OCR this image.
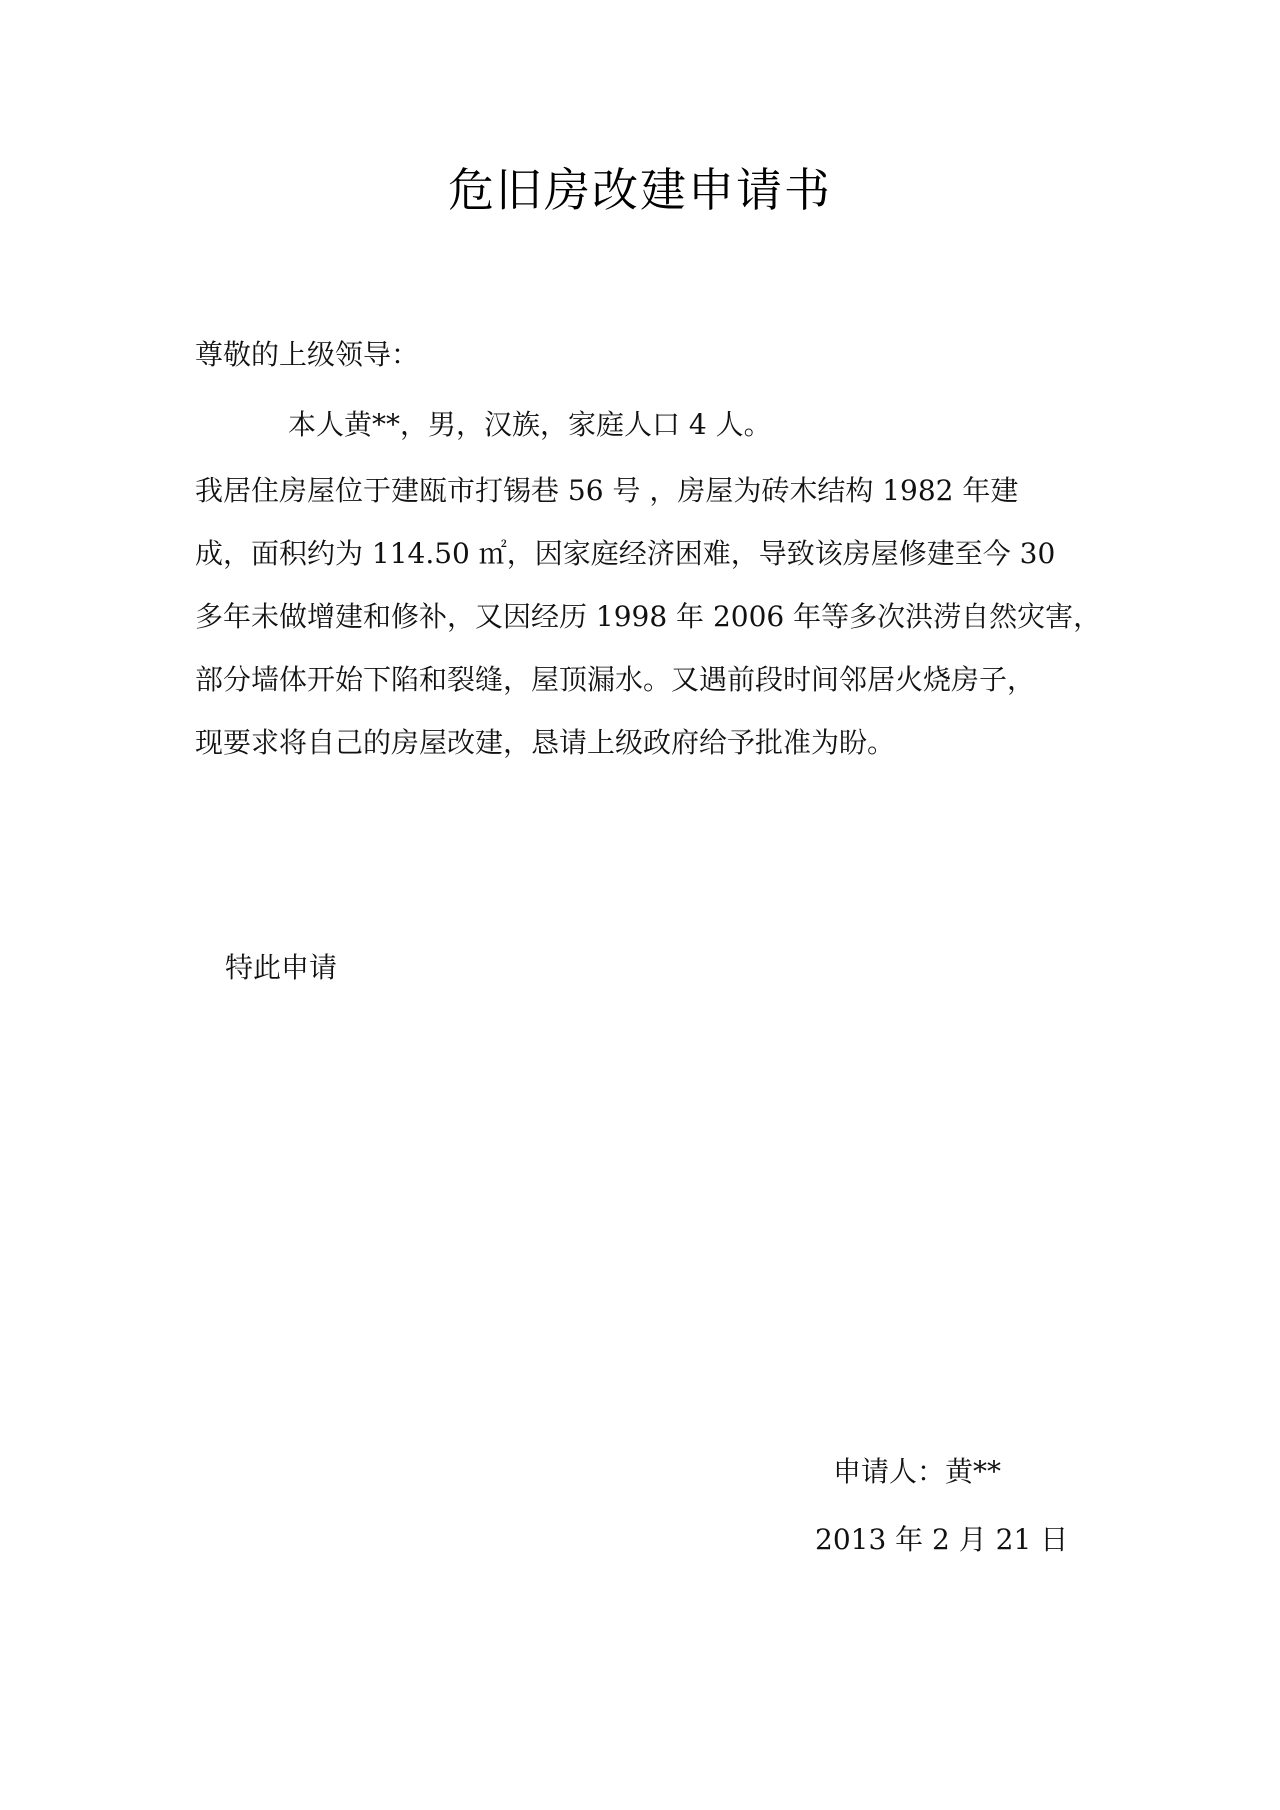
危旧房改建申请书
尊敬的上级领导：
本人黄**，男，汉族，家庭人口 4 人。
我居住房屋位于建瓯市打锡巷 56 号 ，房屋为砖木结构 1982 年建
成，面积约为 114.50 ㎡，因家庭经济困难，导致该房屋修建至今 30
多年未做增建和修补，又因经历 1998 年 2006 年等多次洪涝自然灾害，
部分墙体开始下陷和裂缝，屋顶漏水。又遇前段时间邻居火烧房子，
现要求将自己的房屋改建，恳请上级政府给予批准为盼。
特此申请
申请人：黄**
2013 年 2 月 21 日
